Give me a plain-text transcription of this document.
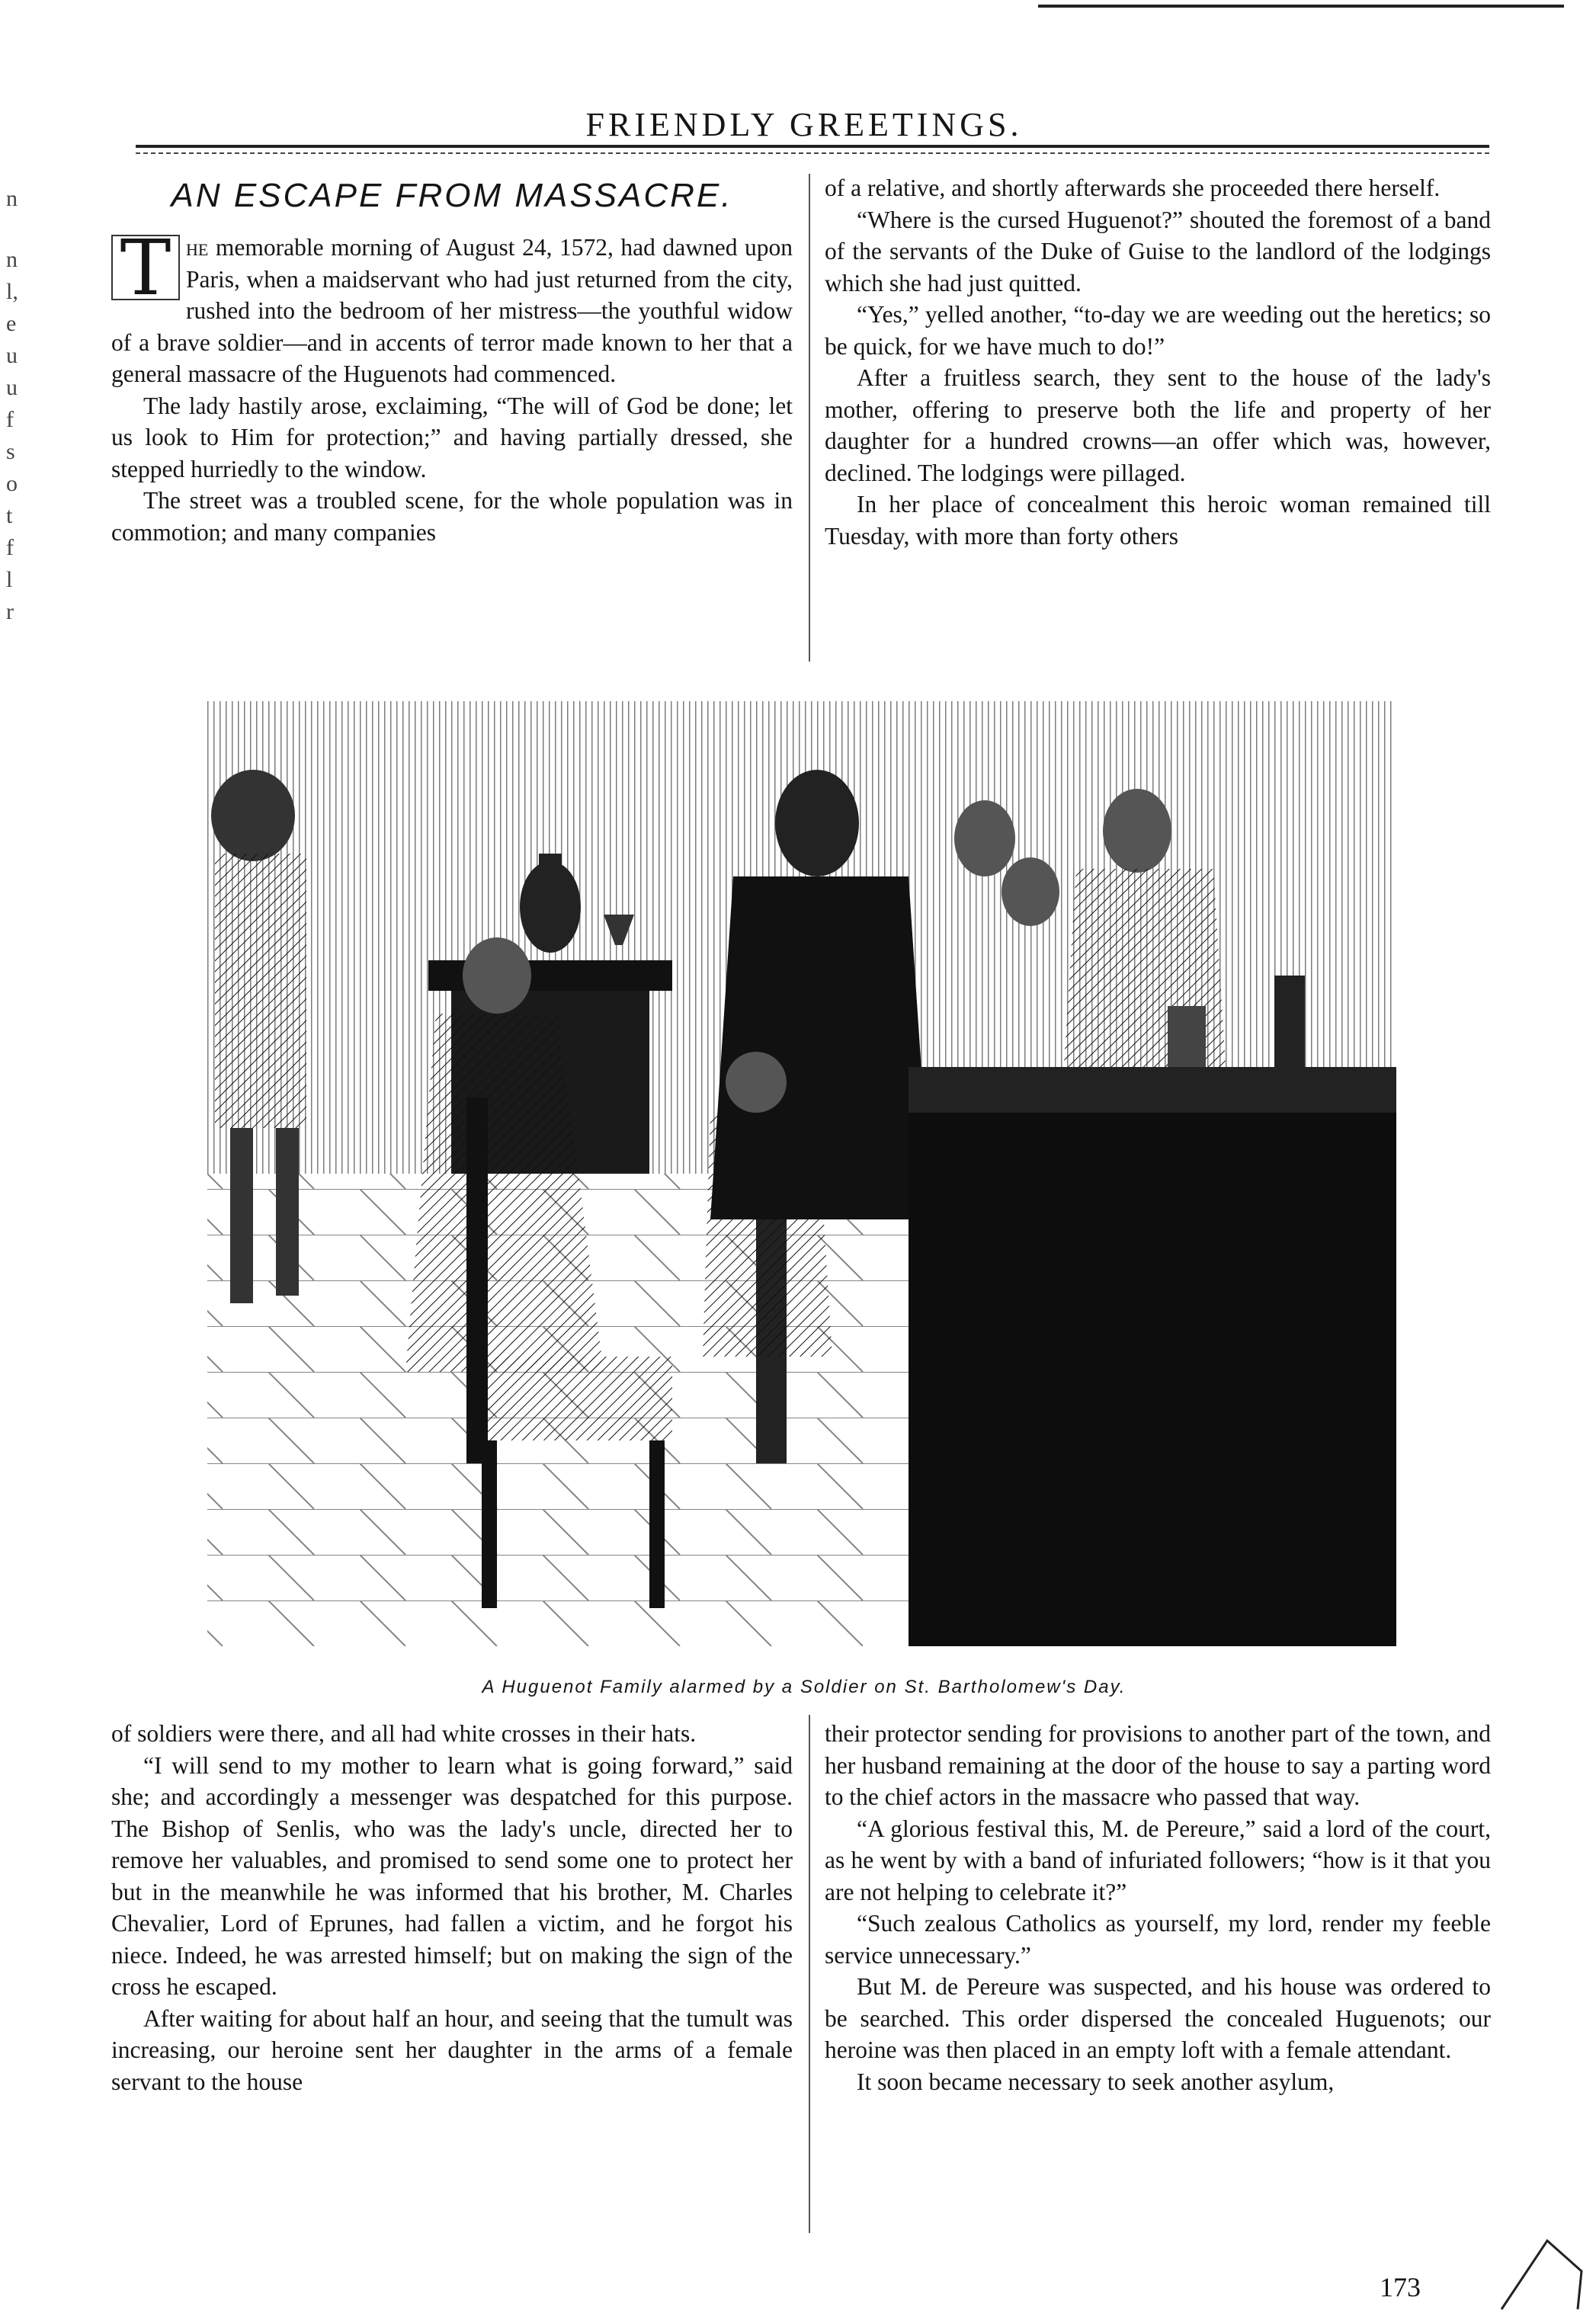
n
n
l,
e
u
u
f
s
o
t
f
l
r
FRIENDLY GREETINGS.
AN ESCAPE FROM MASSACRE.

T he memorable morning of August 24, 1572, had dawned upon Paris, when a maidservant who had just returned from the city, rushed into the bedroom of her mistress—the youthful widow of a brave soldier—and in accents of terror made known to her that a general massacre of the Huguenots had commenced.

The lady hastily arose, exclaiming, “The will of God be done; let us look to Him for protection;” and having partially dressed, she stepped hurriedly to the window.

The street was a troubled scene, for the whole population was in commotion; and many companies

of a relative, and shortly afterwards she proceeded there herself.

“Where is the cursed Huguenot?” shouted the foremost of a band of the servants of the Duke of Guise to the landlord of the lodgings which she had just quitted.

“Yes,” yelled another, “to-day we are weeding out the heretics; so be quick, for we have much to do!”

After a fruitless search, they sent to the house of the lady's mother, offering to preserve both the life and property of her daughter for a hundred crowns—an offer which was, however, declined. The lodgings were pillaged.

In her place of concealment this heroic woman remained till Tuesday, with more than forty others

A Huguenot Family alarmed by a Soldier on St. Bartholomew's Day.

of soldiers were there, and all had white crosses in their hats.

“I will send to my mother to learn what is going forward,” said she; and accordingly a messenger was despatched for this purpose. The Bishop of Senlis, who was the lady's uncle, directed her to remove her valuables, and promised to send some one to protect her but in the meanwhile he was informed that his brother, M. Charles Chevalier, Lord of Eprunes, had fallen a victim, and he forgot his niece. Indeed, he was arrested himself; but on making the sign of the cross he escaped.

After waiting for about half an hour, and seeing that the tumult was increasing, our heroine sent her daughter in the arms of a female servant to the house

their protector sending for provisions to another part of the town, and her husband remaining at the door of the house to say a parting word to the chief actors in the massacre who passed that way.

“A glorious festival this, M. de Pereure,” said a lord of the court, as he went by with a band of infuriated followers; “how is it that you are not helping to celebrate it?”

“Such zealous Catholics as yourself, my lord, render my feeble service unnecessary.”

But M. de Pereure was suspected, and his house was ordered to be searched. This order dispersed the concealed Huguenots; our heroine was then placed in an empty loft with a female attendant.

It soon became necessary to seek another asylum,

173
